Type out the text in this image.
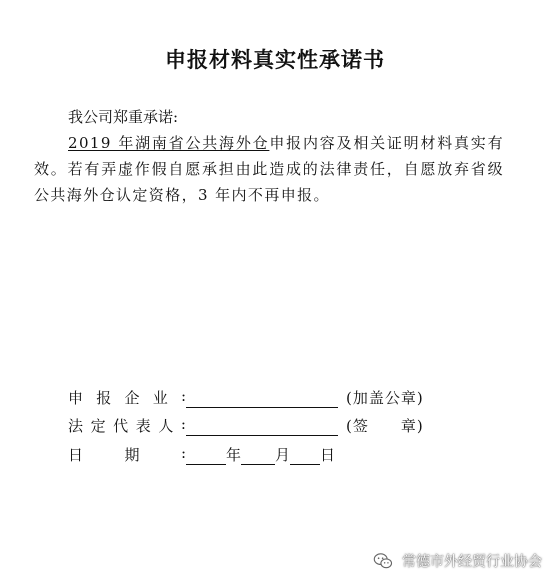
申报材料真实性承诺书
我公司郑重承诺:
2019 年湖南省公共海外仓申报内容及相关证明材料真实有效。若有弄虚作假自愿承担由此造成的法律责任，自愿放弃省级公共海外仓认定资格，3 年内不再申报。
申 报 企 业 :	(加盖公章)
法 定 代 表 人 :	(签　　章)
日	期	:	年 月 日
常德市外经贸行业协会
